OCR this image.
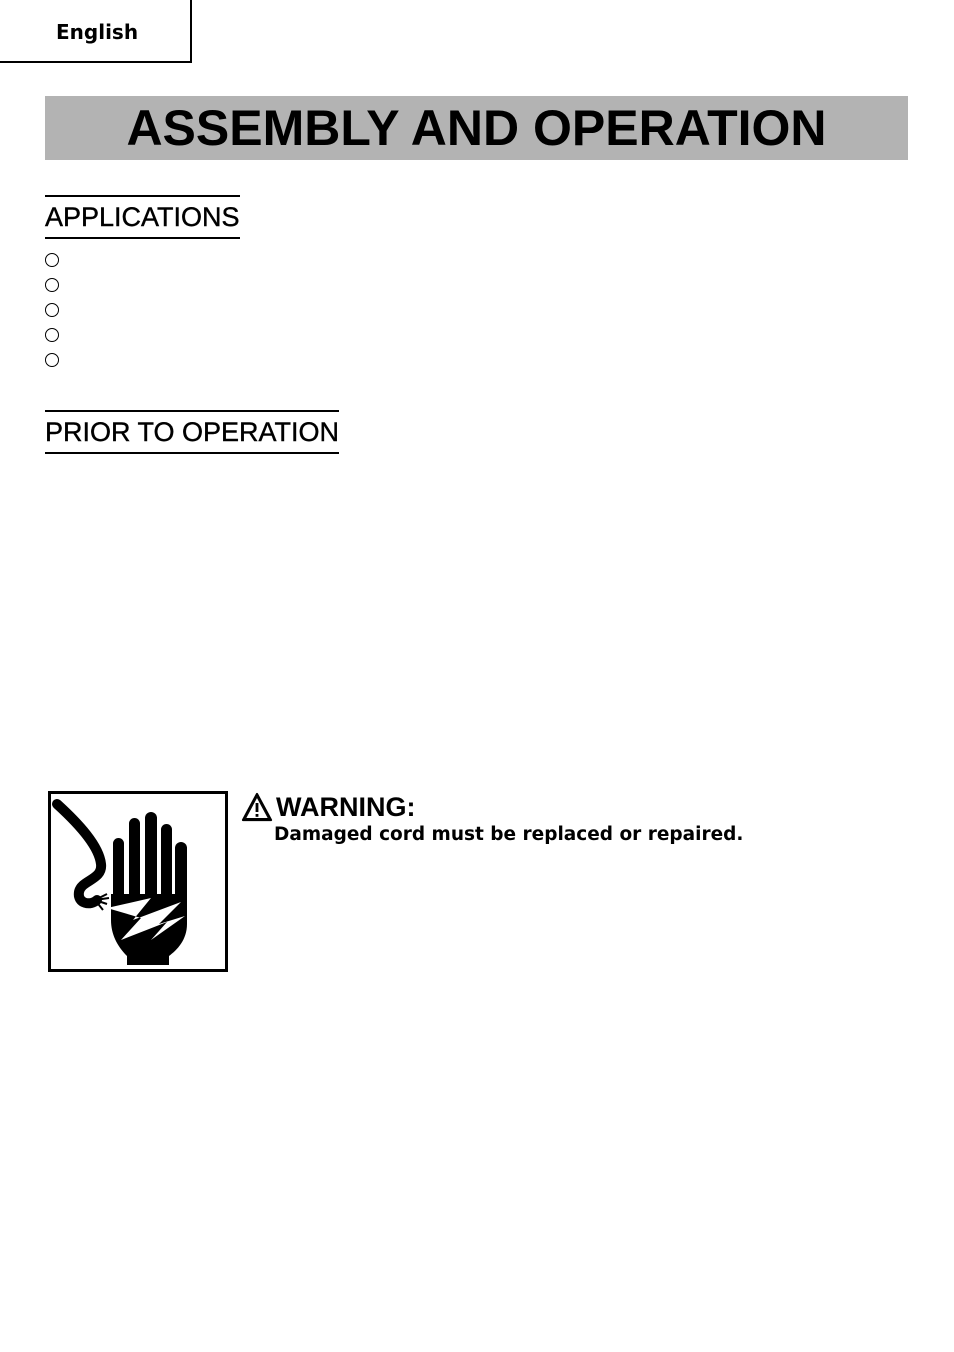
English
ASSEMBLY AND OPERATION
APPLICATIONS
PRIOR TO OPERATION
WARNING:
Damaged cord must be replaced or repaired.
